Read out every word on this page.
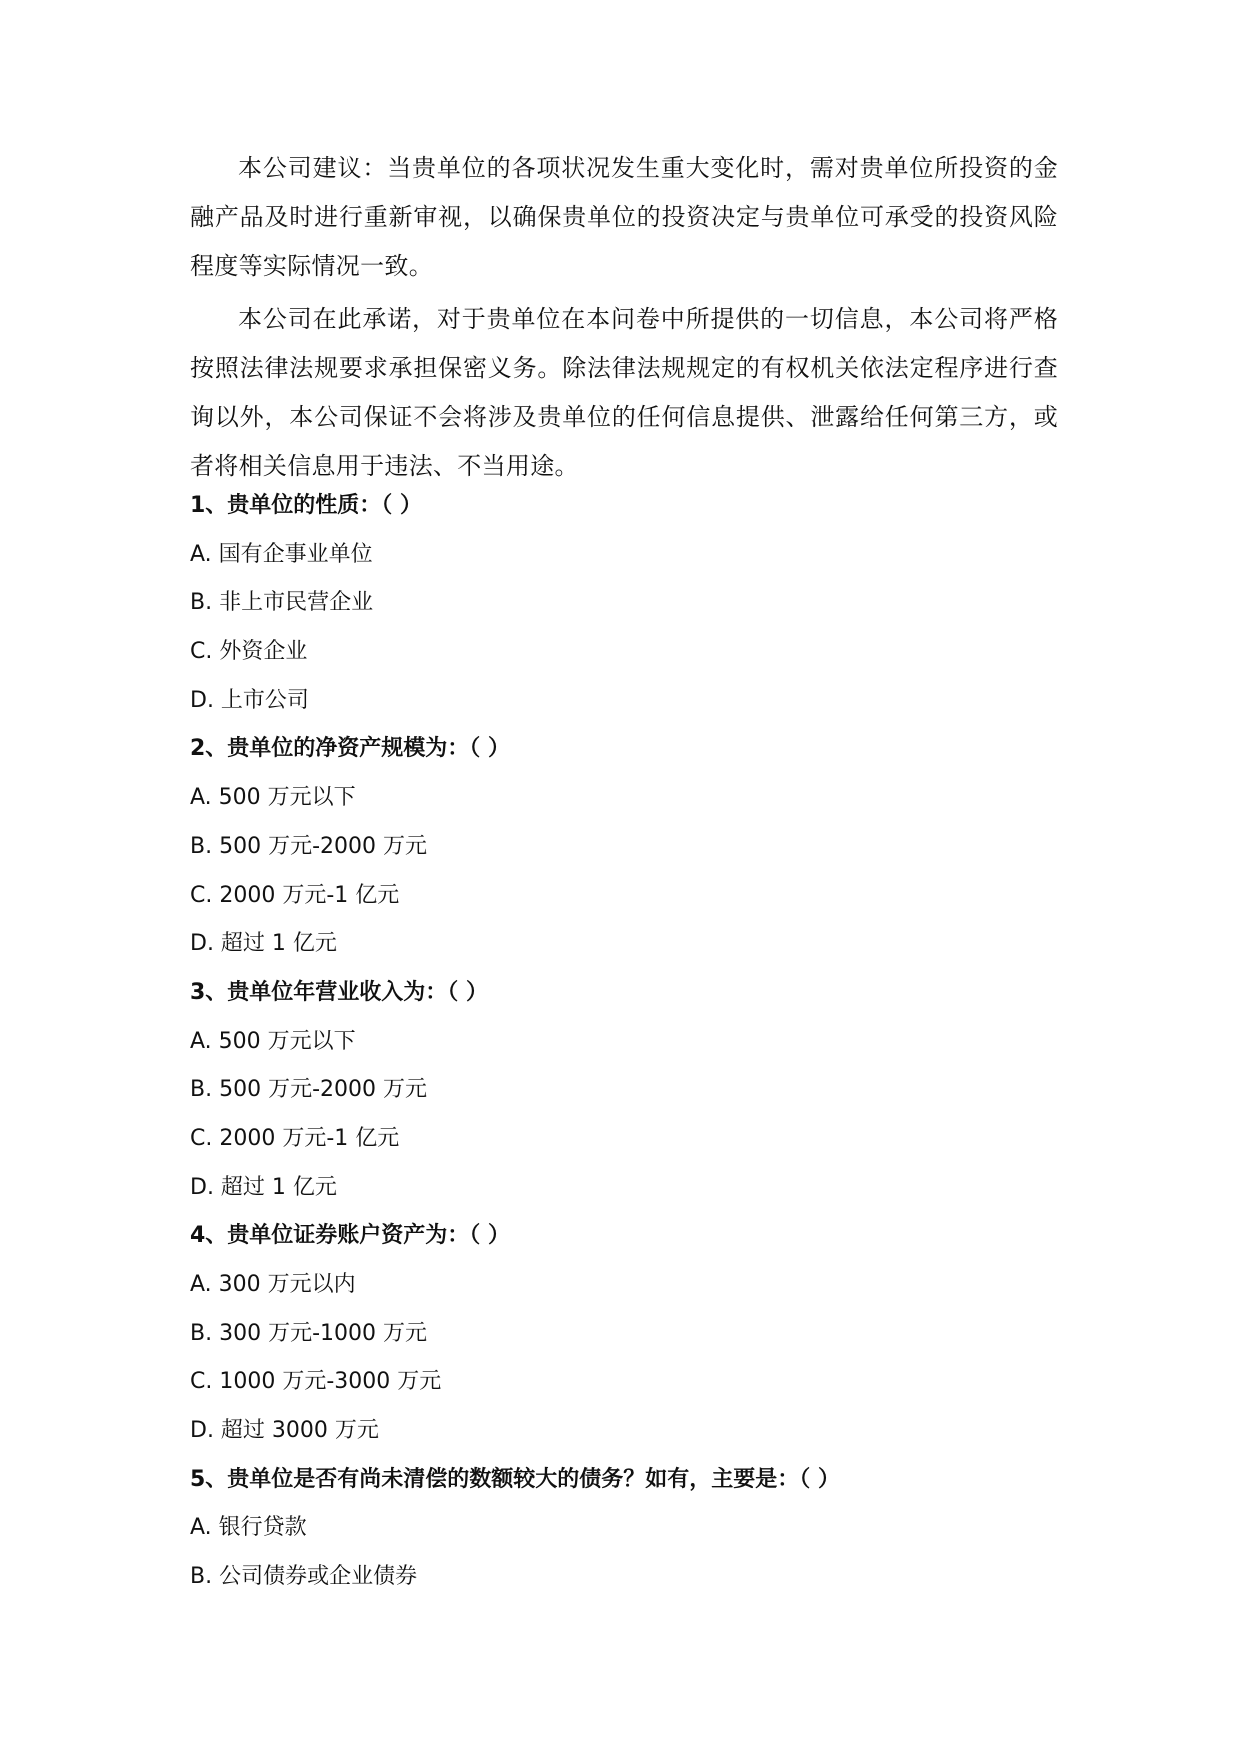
本公司建议：当贵单位的各项状况发生重大变化时，需对贵单位所投资的金融产品及时进行重新审视，以确保贵单位的投资决定与贵单位可承受的投资风险程度等实际情况一致。

本公司在此承诺，对于贵单位在本问卷中所提供的一切信息，本公司将严格按照法律法规要求承担保密义务。除法律法规规定的有权机关依法定程序进行查询以外，本公司保证不会将涉及贵单位的任何信息提供、泄露给任何第三方，或者将相关信息用于违法、不当用途。

1、贵单位的性质：（ ）
A. 国有企事业单位
B. 非上市民营企业
C. 外资企业
D. 上市公司
2、贵单位的净资产规模为：（ ）
A. 500 万元以下
B. 500 万元-2000 万元
C. 2000 万元-1 亿元
D. 超过 1 亿元
3、贵单位年营业收入为：（ ）
A. 500 万元以下
B. 500 万元-2000 万元
C. 2000 万元-1 亿元
D. 超过 1 亿元
4、贵单位证券账户资产为：（ ）
A. 300 万元以内
B. 300 万元-1000 万元
C. 1000 万元-3000 万元
D. 超过 3000 万元
5、贵单位是否有尚未清偿的数额较大的债务？如有，主要是：（ ）
A. 银行贷款
B. 公司债券或企业债券
